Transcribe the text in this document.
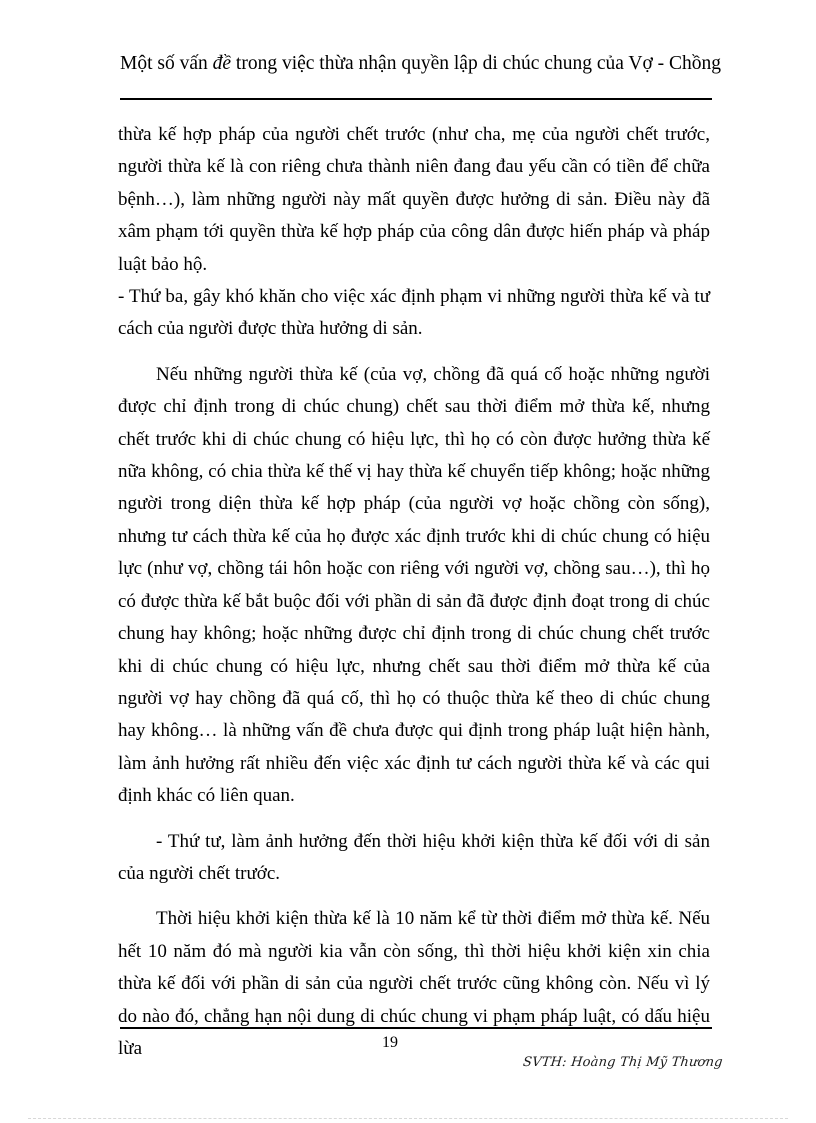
Một số vấn đề trong việc thừa nhận quyền lập di chúc chung của Vợ - Chồng

thừa kế hợp pháp của người chết trước (như cha, mẹ của người chết trước, người thừa kế là con riêng chưa thành niên đang đau yếu cần có tiền để chữa bệnh…), làm những người này mất quyền được hưởng di sản. Điều này đã xâm phạm tới quyền thừa kế hợp pháp của công dân được hiến pháp và pháp luật bảo hộ.

- Thứ ba, gây khó khăn cho việc xác định phạm vi những người thừa kế và tư cách của người được thừa hưởng di sản.

Nếu những người thừa kế (của vợ, chồng đã quá cố hoặc những người được chỉ định trong di chúc chung) chết sau thời điểm mở thừa kế, nhưng chết trước khi di chúc chung có hiệu lực, thì họ có còn được hưởng thừa kế nữa không, có chia thừa kế thế vị hay thừa kế chuyển tiếp không; hoặc những người trong diện thừa kế hợp pháp (của người vợ hoặc chồng còn sống), nhưng tư cách thừa kế của họ được xác định trước khi di chúc chung có hiệu lực (như vợ, chồng tái hôn hoặc con riêng với người vợ, chồng sau…), thì họ có được thừa kế bắt buộc đối với phần di sản đã được định đoạt trong di chúc chung hay không; hoặc những được chỉ định trong di chúc chung chết trước khi di chúc chung có hiệu lực, nhưng chết sau thời điểm mở thừa kế của người vợ hay chồng đã quá cố, thì họ có thuộc thừa kế theo di chúc chung hay không… là những vấn đề chưa được qui định trong pháp luật hiện hành, làm ảnh hưởng rất nhiều đến việc xác định tư cách người thừa kế và các qui định khác có liên quan.

- Thứ tư, làm ảnh hưởng đến thời hiệu khởi kiện thừa kế đối với di sản của người chết trước.

Thời hiệu khởi kiện thừa kế là 10 năm kể từ thời điểm mở thừa kế. Nếu hết 10 năm đó mà người kia vẫn còn sống, thì thời hiệu khởi kiện xin chia thừa kế đối với phần di sản của người chết trước cũng không còn. Nếu vì lý do nào đó, chẳng hạn nội dung di chúc chung vi phạm pháp luật, có dấu hiệu lừa	19
SVTH: Hoàng Thị Mỹ Thương
